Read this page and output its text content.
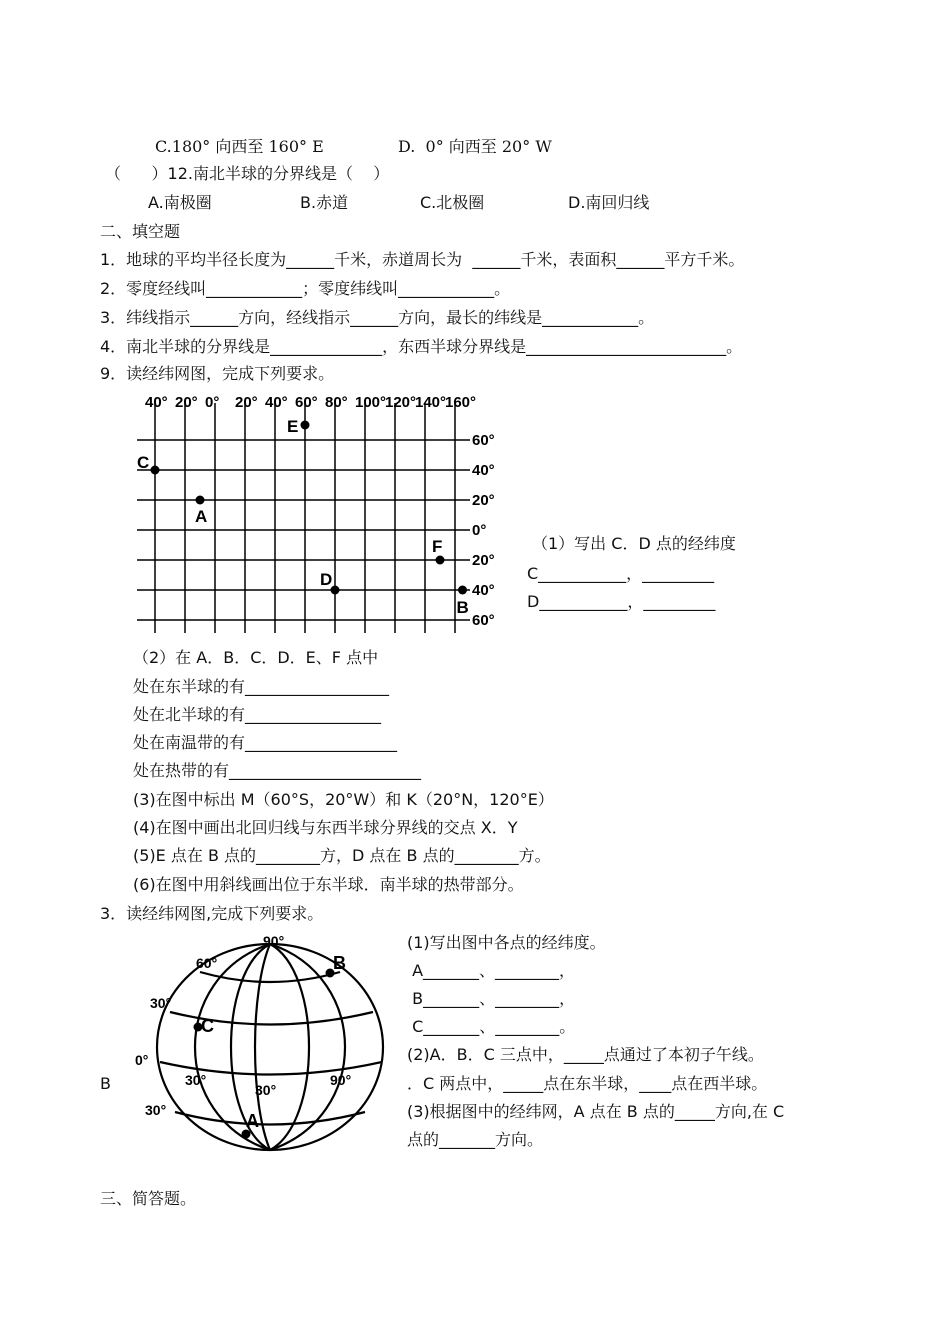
C.180° 向西至 160° E	D.  0° 向西至 20° W
（      ）12.南北半球的分界线是（    ）
A.南极圈	B.赤道	C.北极圈	D.南回归线
二、填空题
1．地球的平均半径长度为______千米，赤道周长为  ______千米，表面积______平方千米。
2．零度经线叫____________；零度纬线叫____________。
3．纬线指示______方向，经线指示______方向，最长的纬线是____________。
4．南北半球的分界线是______________，东西半球分界线是_________________________。
9．读经纬网图，完成下列要求。
40° 20° 0° 20° 40° 60° 80° 100°
120°
140°
160°
60°
40°
20°
0°
20°
40°
60°
E
C
A
F
D
B
（1）写出 C．D 点的经纬度
C___________，_________
D___________，_________
（2）在 A．B．C．D．E、F 点中
处在东半球的有__________________
处在北半球的有_________________
处在南温带的有___________________
处在热带的有________________________
(3)在图中标出 M（60°S，20°W）和 K（20°N，120°E）
(4)在图中画出北回归线与东西半球分界线的交点 X．Y
(5)E 点在 B 点的________方，D 点在 B 点的________方。
(6)在图中用斜线画出位于东半球．南半球的热带部分。
3．读经纬网图,完成下列要求。
90°
60°
30°
0°
30°
30°
30°
90°
B
C
A
B
(1)写出图中各点的经纬度。
A_______、________，
B_______、________，
C_______、________。
(2)A．B．C 三点中，_____点通过了本初子午线。
．C 两点中，_____点在东半球，____点在西半球。
(3)根据图中的经纬网，A 点在 B 点的_____方向,在 C
点的_______方向。
三、简答题。
